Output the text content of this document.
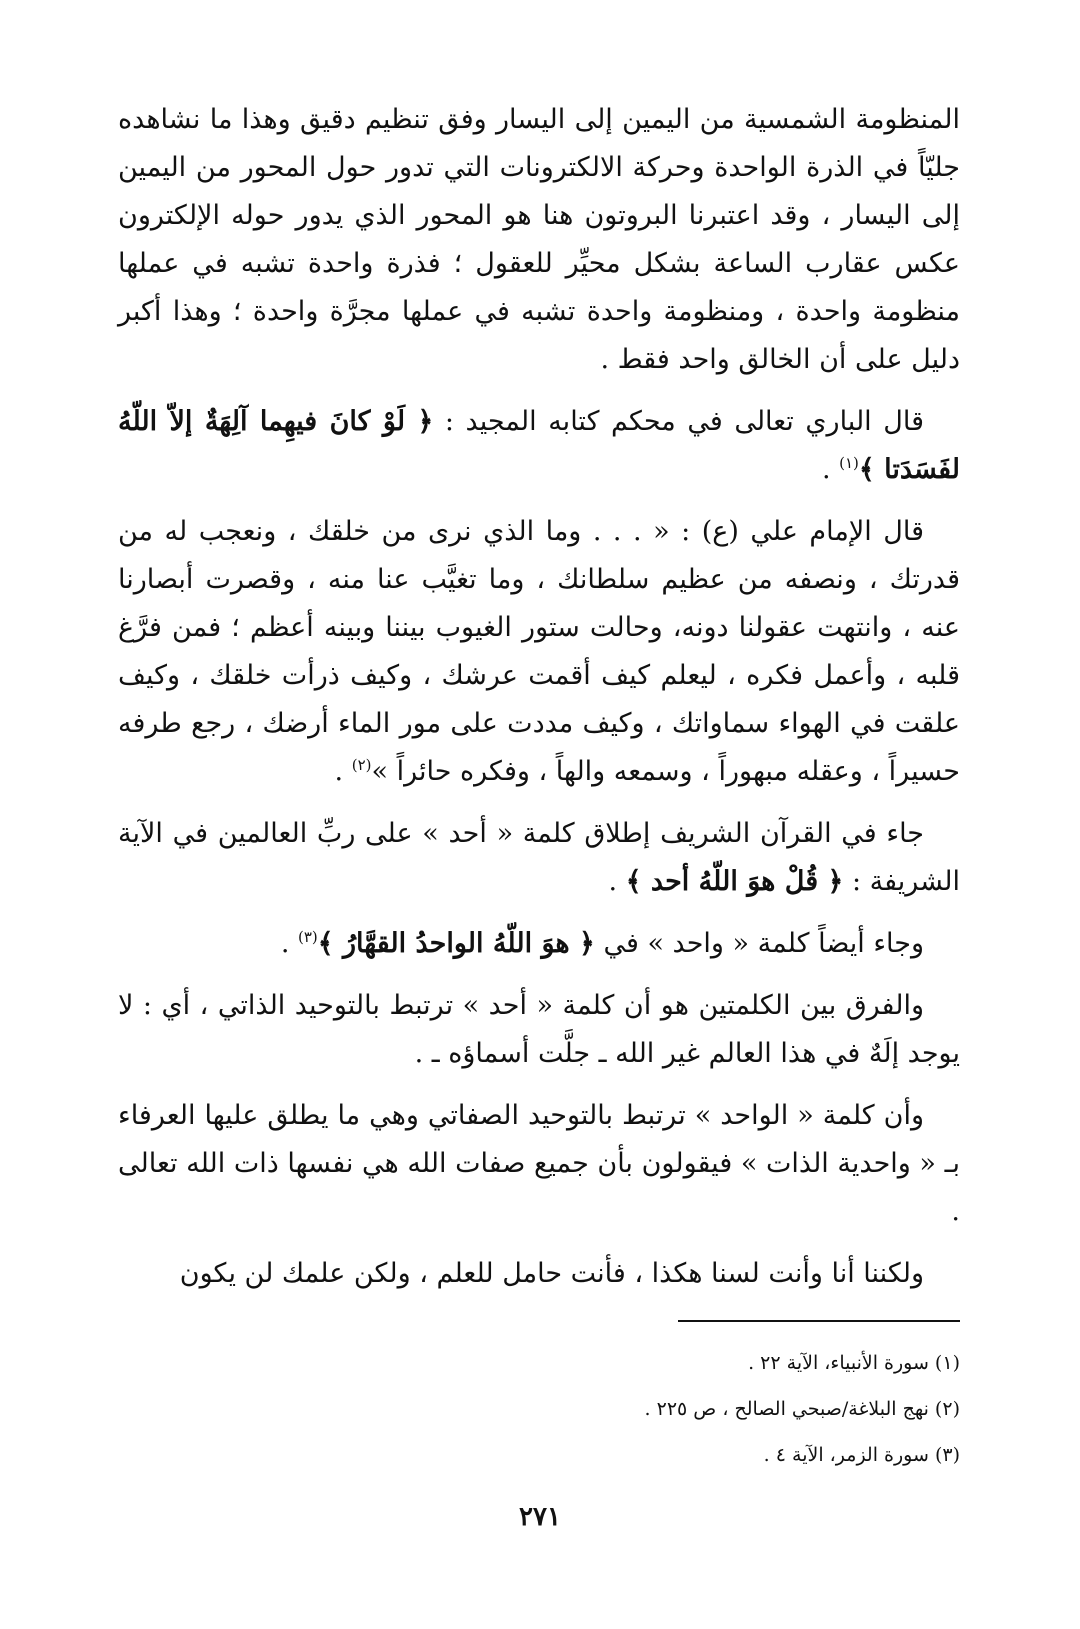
المنظومة الشمسية من اليمين إلى اليسار وفق تنظيم دقيق وهذا ما نشاهده جليّاً في الذرة الواحدة وحركة الالكترونات التي تدور حول المحور من اليمين إلى اليسار ، وقد اعتبرنا البروتون هنا هو المحور الذي يدور حوله الإلكترون عكس عقارب الساعة بشكل محيِّر للعقول ؛ فذرة واحدة تشبه في عملها منظومة واحدة ، ومنظومة واحدة تشبه في عملها مجرَّة واحدة ؛ وهذا أكبر دليل على أن الخالق واحد فقط .

قال الباري تعالى في محكم كتابه المجيد : ﴿ لَوْ كانَ فيهِما آلِهَةٌ إلاّ اللّهُ لفَسَدَتا ﴾$^{(١)}$ .

قال الإمام علي (ع) : « . . . وما الذي نرى من خلقك ، ونعجب له من قدرتك ، ونصفه من عظيم سلطانك ، وما تغيَّب عنا منه ، وقصرت أبصارنا عنه ، وانتهت عقولنا دونه، وحالت ستور الغيوب بيننا وبينه أعظم ؛ فمن فرَّغ قلبه ، وأعمل فكره ، ليعلم كيف أقمت عرشك ، وكيف ذرأت خلقك ، وكيف علقت في الهواء سماواتك ، وكيف مددت على مور الماء أرضك ، رجع طرفه حسيراً ، وعقله مبهوراً ، وسمعه والهاً ، وفكره حائراً »$^{(٢)}$ .

جاء في القرآن الشريف إطلاق كلمة « أحد » على ربِّ العالمين في الآية الشريفة : ﴿ قُلْ هوَ اللّهُ أحد ﴾ .

وجاء أيضاً كلمة « واحد » في ﴿ هوَ اللّهُ الواحدُ القهَّارُ ﴾$^{(٣)}$ .

والفرق بين الكلمتين هو أن كلمة « أحد » ترتبط بالتوحيد الذاتي ، أي : لا يوجد إلَهٌ في هذا العالم غير الله ـ جلَّت أسماؤه ـ .

وأن كلمة « الواحد » ترتبط بالتوحيد الصفاتي وهي ما يطلق عليها العرفاء بـ « واحدية الذات » فيقولون بأن جميع صفات الله هي نفسها ذات الله تعالى .

ولكننا أنا وأنت لسنا هكذا ، فأنت حامل للعلم ، ولكن علمك لن يكون

(١) سورة الأنبياء، الآية ٢٢ .
(٢) نهج البلاغة/صبحي الصالح ، ص ٢٢٥ .
(٣) سورة الزمر، الآية ٤ .
٢٧١
